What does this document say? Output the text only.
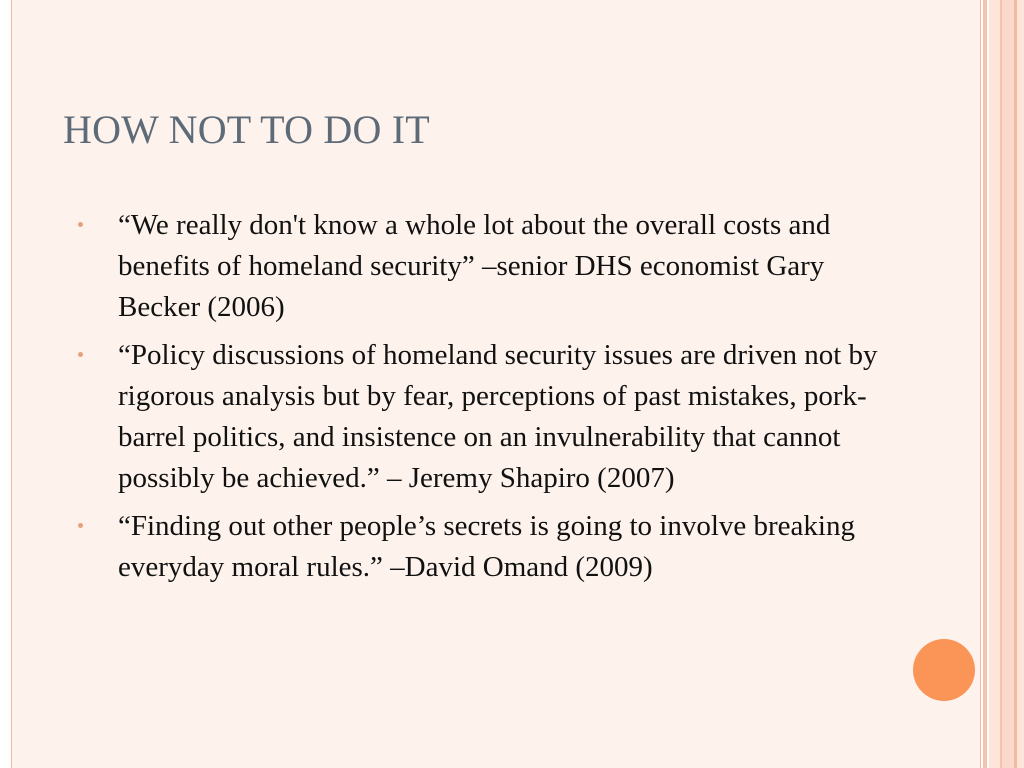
HOW NOT TO DO IT
“We really don't know a whole lot about the overall costs and benefits of homeland security” –senior DHS economist Gary Becker (2006)
“Policy discussions of homeland security issues are driven not by rigorous analysis but by fear, perceptions of past mistakes, pork-barrel politics, and insistence on an invulnerability that cannot possibly be achieved.” – Jeremy Shapiro (2007)
“Finding out other people’s secrets is going to involve breaking everyday moral rules.” –David Omand (2009)
